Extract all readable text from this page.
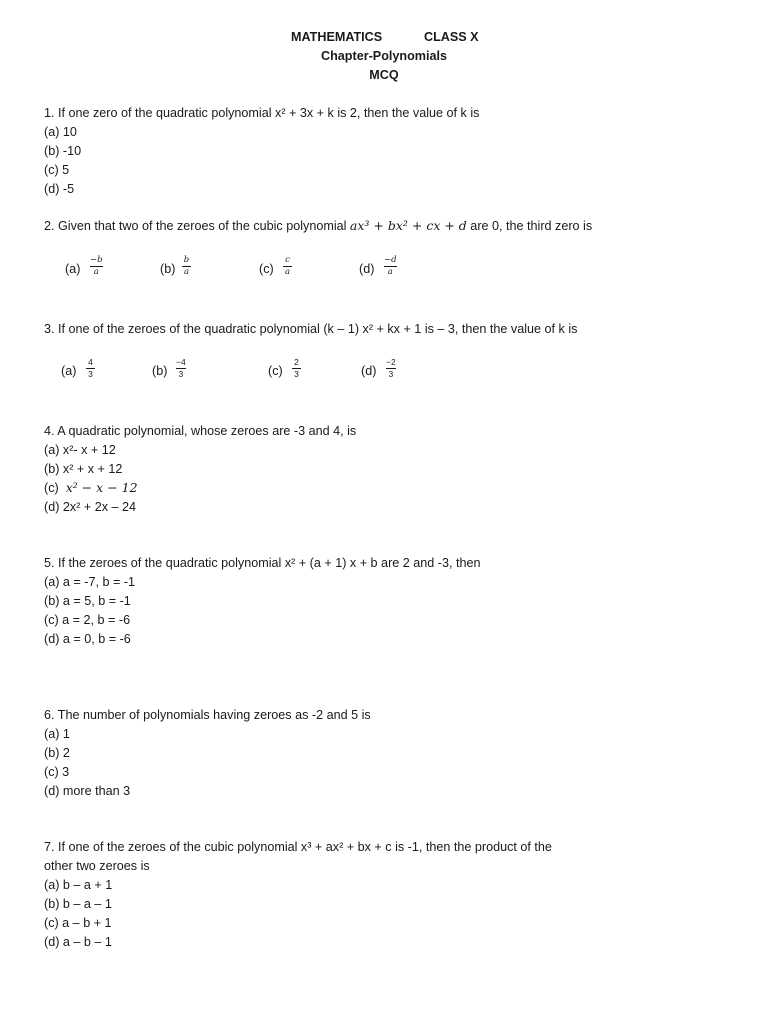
MATHEMATICS	CLASS X
Chapter-Polynomials
MCQ
1. If one zero of the quadratic polynomial x² + 3x + k is 2, then the value of k is
(a) 10
(b) -10
(c) 5
(d) -5
2. Given that two of the zeroes of the cubic polynomial ax³ + bx² + cx + d are 0, the third zero is
(a)
−b
a	(b)
b
a	(c)
c
a	(d)
−d
a
3. If one of the zeroes of the quadratic polynomial (k – 1) x² + kx + 1 is – 3, then the value of k is
(a)
4
3	(b)
−4
3	(c)
2
3	(d)
−2
3
4. A quadratic polynomial, whose zeroes are -3 and 4, is
(a) x²- x + 12
(b) x² + x + 12
(c)  x² − x − 12
(d) 2x² + 2x – 24
5. If the zeroes of the quadratic polynomial x² + (a + 1) x + b are 2 and -3, then
(a) a = -7, b = -1
(b) a = 5, b = -1
(c) a = 2, b = -6
(d) a = 0, b = -6
6. The number of polynomials having zeroes as -2 and 5 is
(a) 1
(b) 2
(c) 3
(d) more than 3
7. If one of the zeroes of the cubic polynomial x³ + ax² + bx + c is -1, then the product of the
other two zeroes is
(a) b – a + 1
(b) b – a – 1
(c) a – b + 1
(d) a – b – 1
